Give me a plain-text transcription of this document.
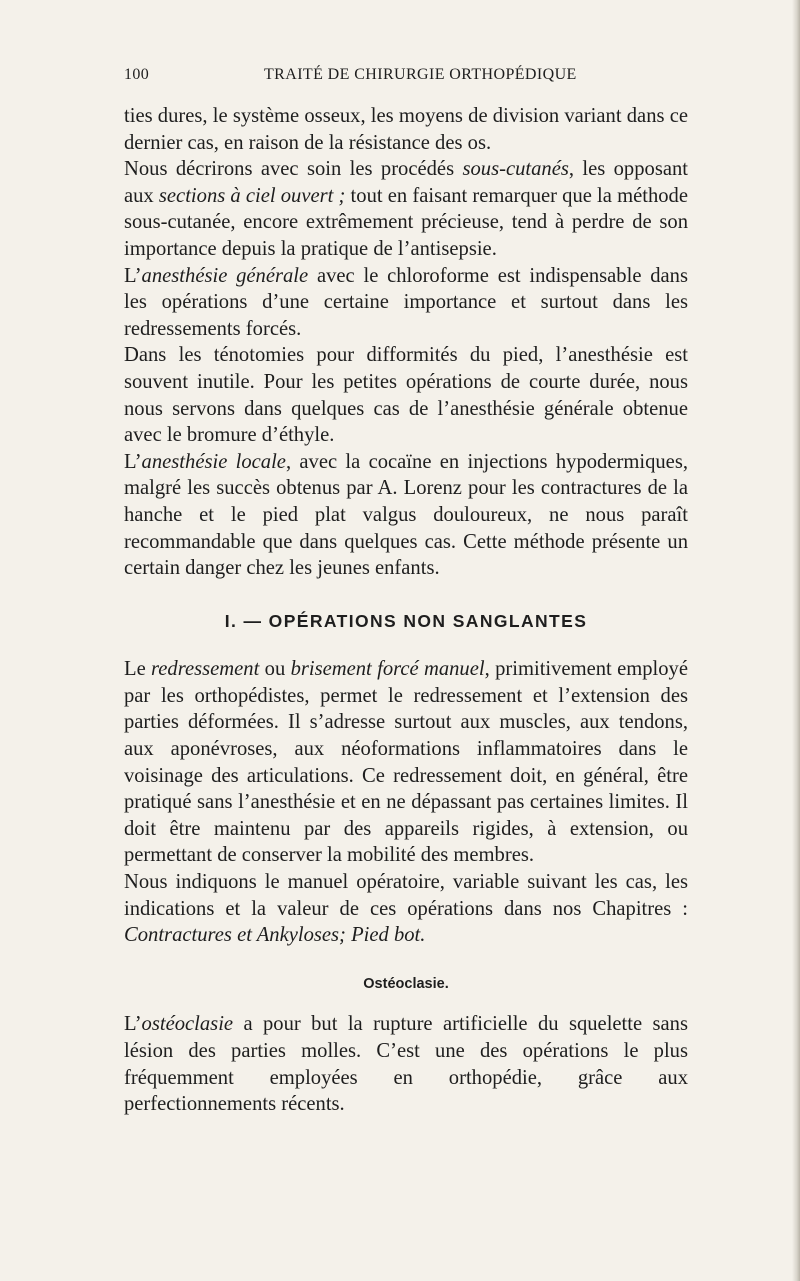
100	TRAITÉ DE CHIRURGIE ORTHOPÉDIQUE

ties dures, le système osseux, les moyens de division variant dans ce dernier cas, en raison de la résistance des os.

Nous décrirons avec soin les procédés sous-cutanés, les opposant aux sections à ciel ouvert ; tout en faisant remarquer que la méthode sous-cutanée, encore extrêmement précieuse, tend à perdre de son importance depuis la pratique de l’antisepsie.

L’anesthésie générale avec le chloroforme est indispensable dans les opérations d’une certaine importance et surtout dans les redressements forcés.

Dans les ténotomies pour difformités du pied, l’anesthésie est souvent inutile. Pour les petites opérations de courte durée, nous nous servons dans quelques cas de l’anesthésie générale obtenue avec le bromure d’éthyle.

L’anesthésie locale, avec la cocaïne en injections hypodermiques, malgré les succès obtenus par A. Lorenz pour les contractures de la hanche et le pied plat valgus douloureux, ne nous paraît recommandable que dans quelques cas. Cette méthode présente un certain danger chez les jeunes enfants.

I. — OPÉRATIONS NON SANGLANTES

Le redressement ou brisement forcé manuel, primitivement employé par les orthopédistes, permet le redressement et l’extension des parties déformées. Il s’adresse surtout aux muscles, aux tendons, aux aponévroses, aux néoformations inflammatoires dans le voisinage des articulations. Ce redressement doit, en général, être pratiqué sans l’anesthésie et en ne dépassant pas certaines limites. Il doit être maintenu par des appareils rigides, à extension, ou permettant de conserver la mobilité des membres.

Nous indiquons le manuel opératoire, variable suivant les cas, les indications et la valeur de ces opérations dans nos Chapitres : Contractures et Ankyloses; Pied bot.

Ostéoclasie.

L’ostéoclasie a pour but la rupture artificielle du squelette sans lésion des parties molles. C’est une des opérations le plus fréquemment employées en orthopédie, grâce aux perfectionnements récents.
